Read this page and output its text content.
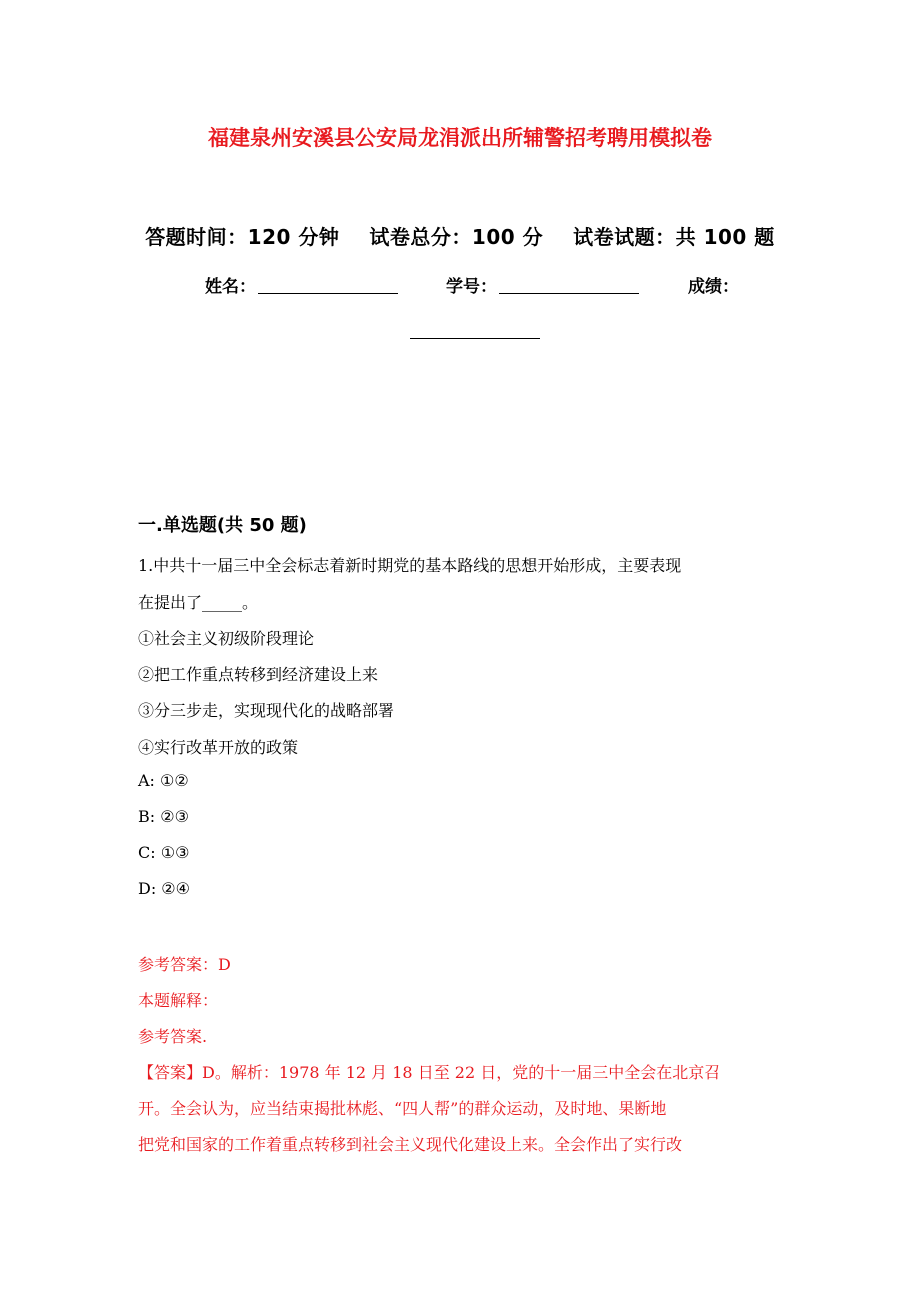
福建泉州安溪县公安局龙涓派出所辅警招考聘用模拟卷
答题时间：120 分钟 试卷总分：100 分 试卷试题：共 100 题
姓名：	学号：	成绩：
一.单选题(共 50 题)
1.中共十一届三中全会标志着新时期党的基本路线的思想开始形成，主要表现
在提出了_____。
①社会主义初级阶段理论
②把工作重点转移到经济建设上来
③分三步走，实现现代化的战略部署
④实行改革开放的政策
A: ①②
B: ②③
C: ①③
D: ②④
参考答案：D
本题解释：
参考答案.
【答案】D。解析：1978 年 12 月 18 日至 22 日，党的十一届三中全会在北京召
开。全会认为，应当结束揭批林彪、“四人帮”的群众运动，及时地、果断地
把党和国家的工作着重点转移到社会主义现代化建设上来。全会作出了实行改
